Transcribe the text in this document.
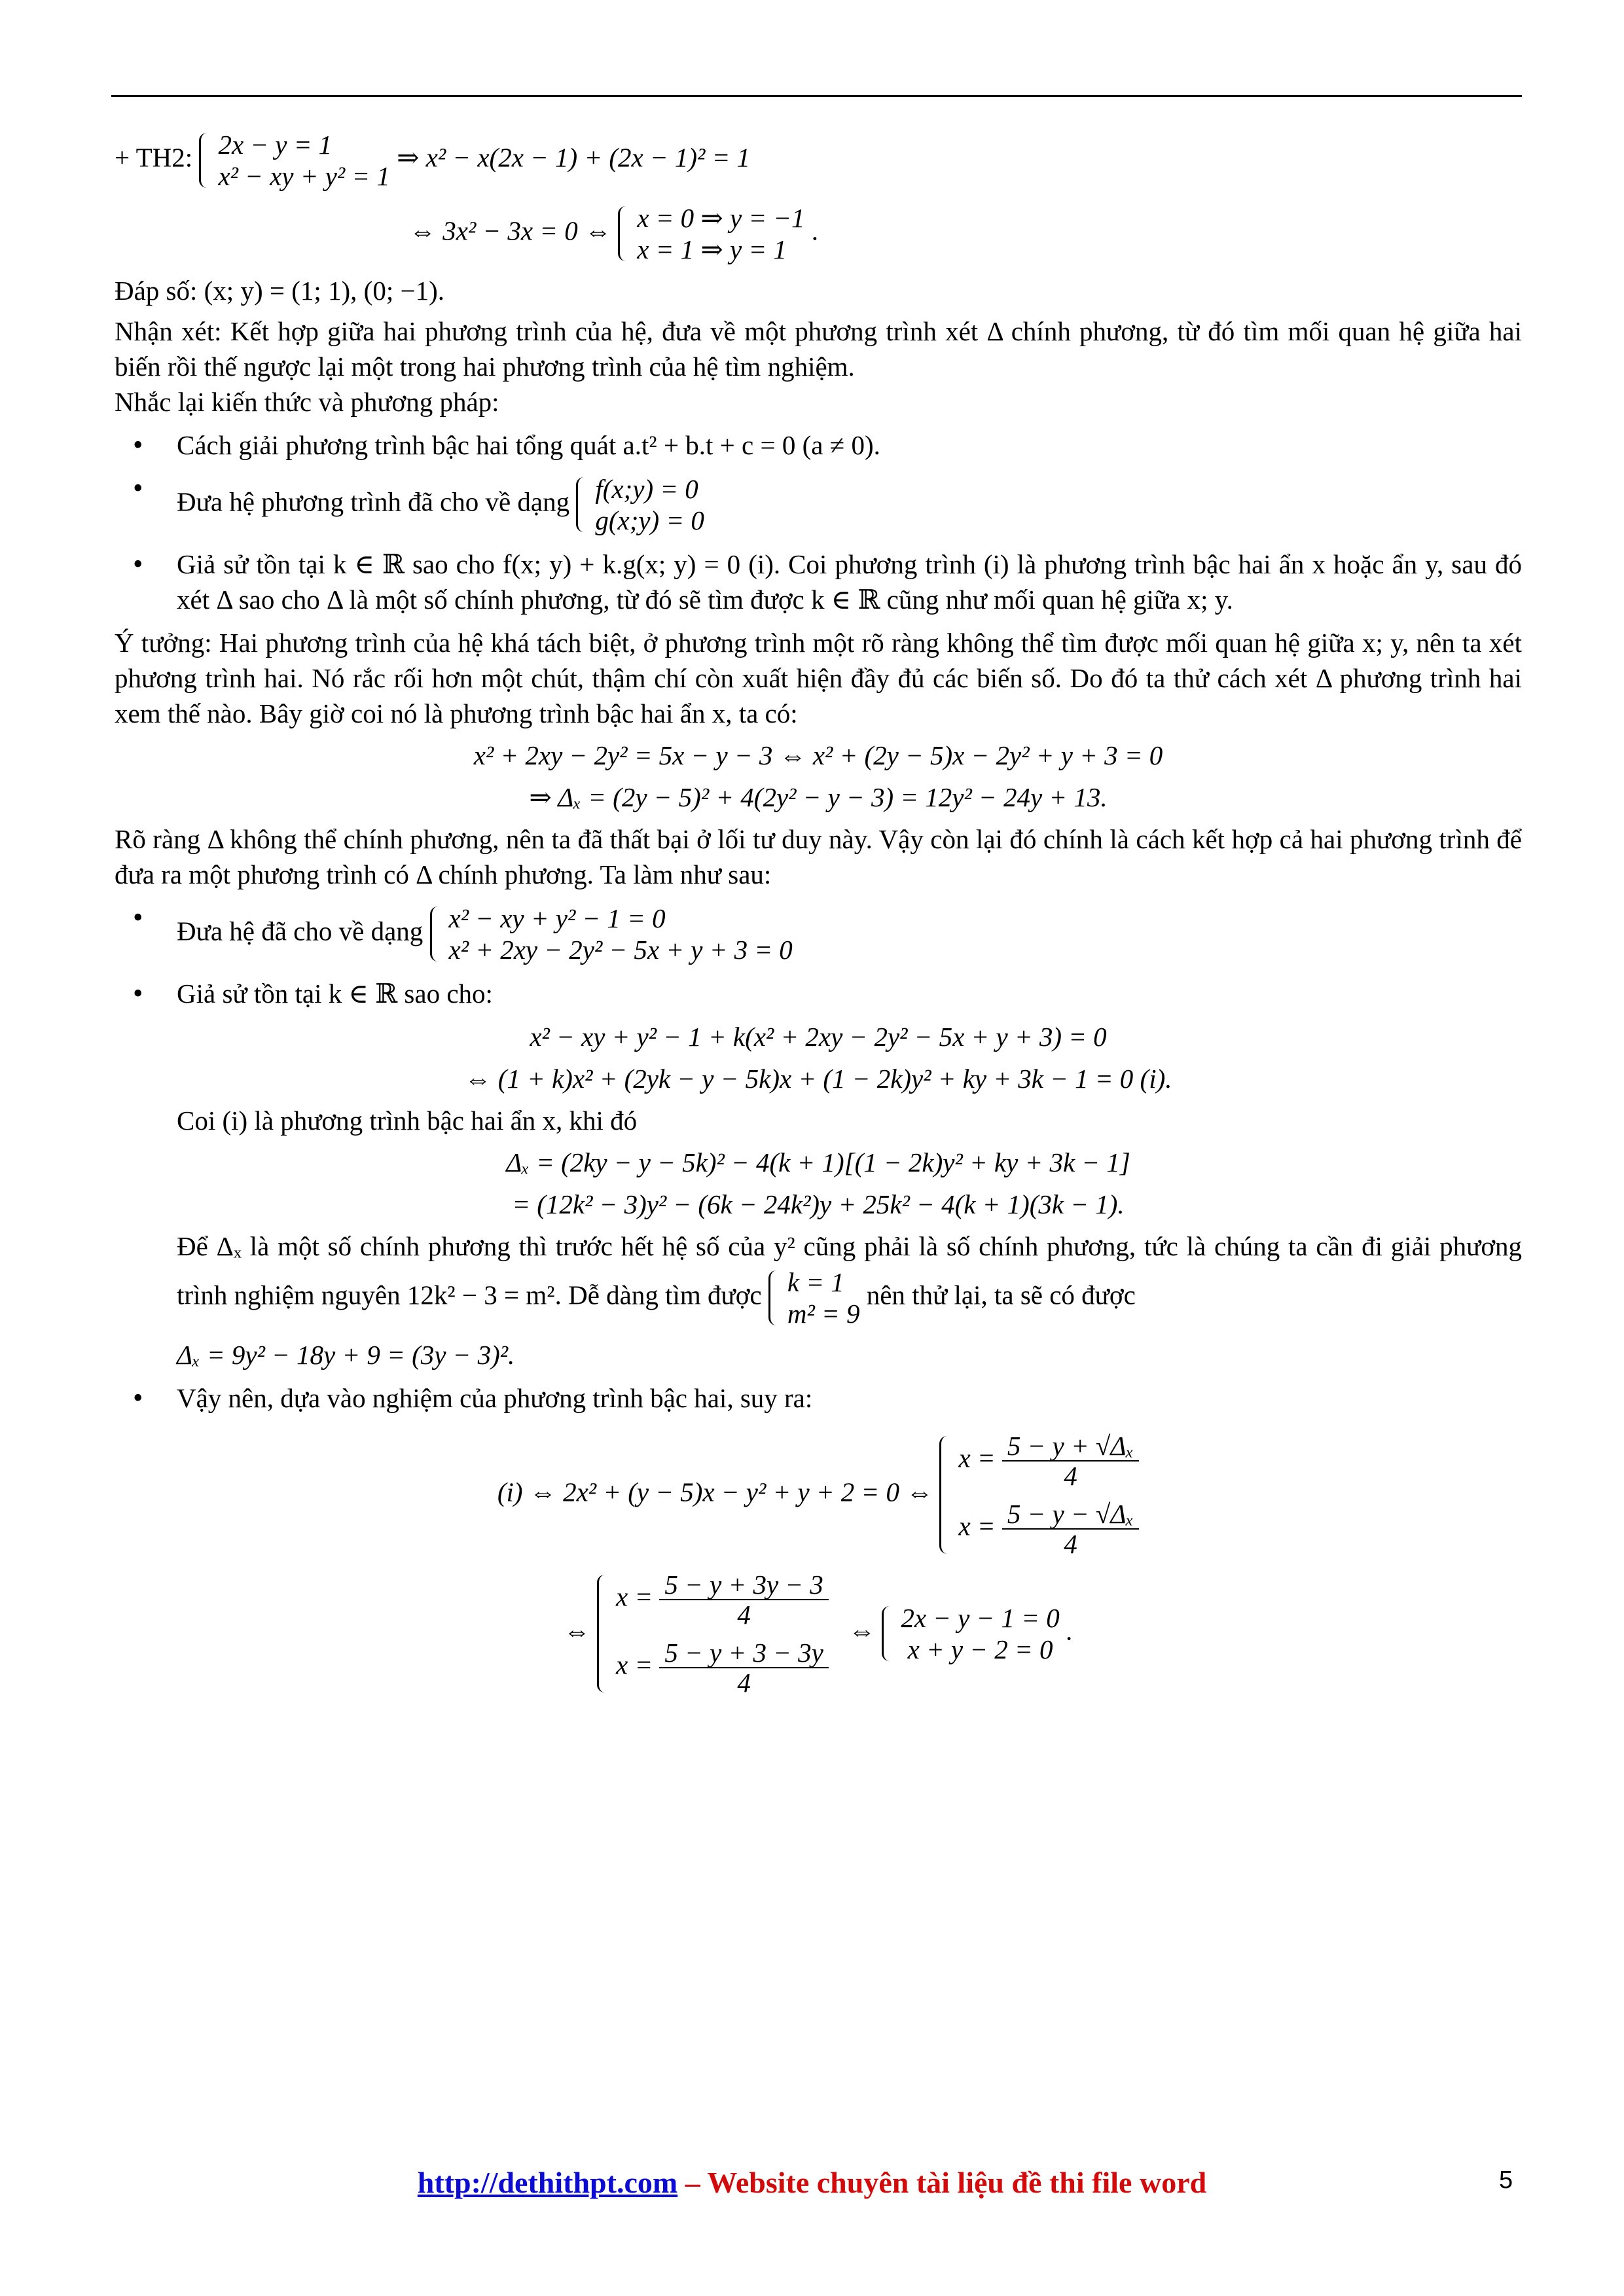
+ TH2: 2x − y = 1
x² − xy + y² = 1
⇒ x² − x(2x − 1) + (2x − 1)² = 1
⇔ 3x² − 3x = 0 ⇔ x = 0 ⇒ y = −1
x = 1 ⇒ y = 1
.
Đáp số: (x; y) = (1; 1), (0; −1).
Nhận xét: Kết hợp giữa hai phương trình của hệ, đưa về một phương trình xét Δ chính phương, từ đó tìm mối quan hệ giữa hai biến rồi thế ngược lại một trong hai phương trình của hệ tìm nghiệm.
Nhắc lại kiến thức và phương pháp:
• Cách giải phương trình bậc hai tổng quát a.t² + b.t + c = 0 (a ≠ 0).
• Đưa hệ phương trình đã cho về dạng f(x;y) = 0
g(x;y) = 0
• Giả sử tồn tại k ∈ ℝ sao cho f(x; y) + k.g(x; y) = 0 (i). Coi phương trình (i) là phương trình bậc hai ẩn x hoặc ẩn y, sau đó xét Δ sao cho Δ là một số chính phương, từ đó sẽ tìm được k ∈ ℝ cũng như mối quan hệ giữa x; y.
Ý tưởng: Hai phương trình của hệ khá tách biệt, ở phương trình một rõ ràng không thể tìm được mối quan hệ giữa x; y, nên ta xét phương trình hai. Nó rắc rối hơn một chút, thậm chí còn xuất hiện đầy đủ các biến số. Do đó ta thử cách xét Δ phương trình hai xem thế nào. Bây giờ coi nó là phương trình bậc hai ẩn x, ta có:
x² + 2xy − 2y² = 5x − y − 3 ⇔ x² + (2y − 5)x − 2y² + y + 3 = 0
⇒ Δₓ = (2y − 5)² + 4(2y² − y − 3) = 12y² − 24y + 13.
Rõ ràng Δ không thể chính phương, nên ta đã thất bại ở lối tư duy này. Vậy còn lại đó chính là cách kết hợp cả hai phương trình để đưa ra một phương trình có Δ chính phương. Ta làm như sau:
• Đưa hệ đã cho về dạng x² − xy + y² − 1 = 0
x² + 2xy − 2y² − 5x + y + 3 = 0
• Giả sử tồn tại k ∈ ℝ sao cho:
x² − xy + y² − 1 + k(x² + 2xy − 2y² − 5x + y + 3) = 0
⇔ (1 + k)x² + (2yk − y − 5k)x + (1 − 2k)y² + ky + 3k − 1 = 0 (i).
Coi (i) là phương trình bậc hai ẩn x, khi đó
Δₓ = (2ky − y − 5k)² − 4(k + 1)[(1 − 2k)y² + ky + 3k − 1]
= (12k² − 3)y² − (6k − 24k²)y + 25k² − 4(k + 1)(3k − 1).
Để Δₓ là một số chính phương thì trước hết hệ số của y² cũng phải là số chính phương, tức là chúng ta cần đi giải phương trình nghiệm nguyên 12k² − 3 = m². Dễ dàng tìm được k = 1
m² = 9
nên thử lại, ta sẽ có được
Δₓ = 9y² − 18y + 9 = (3y − 3)².
• Vậy nên, dựa vào nghiệm của phương trình bậc hai, suy ra:
(i) ⇔ 2x² + (y − 5)x − y² + y + 2 = 0 ⇔
$x = \frac{\text{5 − y + √Δₓ}}{4}$
$x = \frac{\text{5 − y − √Δₓ}}{4}$
⇔
$x = \frac{5 - y + 3y - 3}{4}$
$x = \frac{5 - y + 3 - 3y}{4}$
⇔ 2x − y − 1 = 0
x + y − 2 = 0
.
http://dethithpt.com – Website chuyên tài liệu đề thi file word	5
